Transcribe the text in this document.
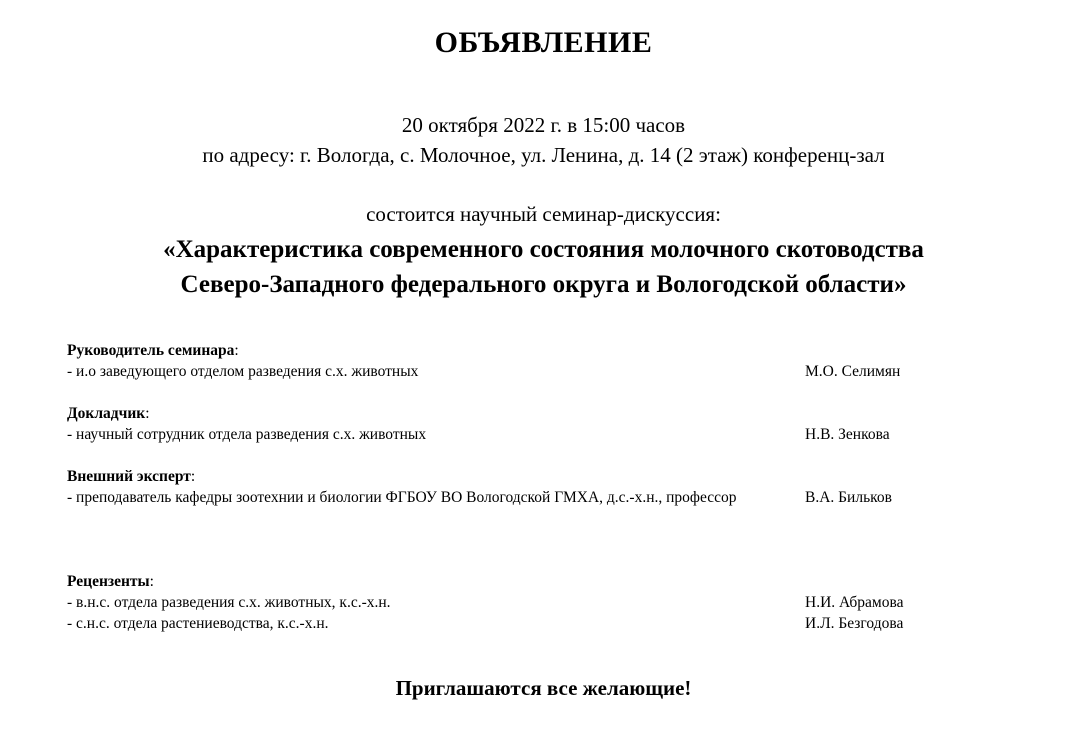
ОБЪЯВЛЕНИЕ
20 октября 2022 г. в 15:00 часов
по адресу: г. Вологда, с. Молочное, ул. Ленина, д. 14 (2 этаж) конференц-зал
состоится научный семинар-дискуссия:
«Характеристика современного состояния молочного скотоводства
Северо-Западного федерального округа и Вологодской области»
Руководитель семинара:
- и.о заведующего отделом разведения с.х. животных	М.О. Селимян
Докладчик:
- научный сотрудник отдела разведения с.х. животных	Н.В. Зенкова
Внешний эксперт:
- преподаватель кафедры зоотехнии и биологии ФГБОУ ВО Вологодской ГМХА, д.с.-х.н., профессор	В.А. Бильков
Рецензенты:
- в.н.с. отдела разведения с.х. животных, к.с.-х.н.	Н.И. Абрамова
- с.н.с. отдела растениеводства, к.с.-х.н.	И.Л. Безгодова
Приглашаются все желающие!
